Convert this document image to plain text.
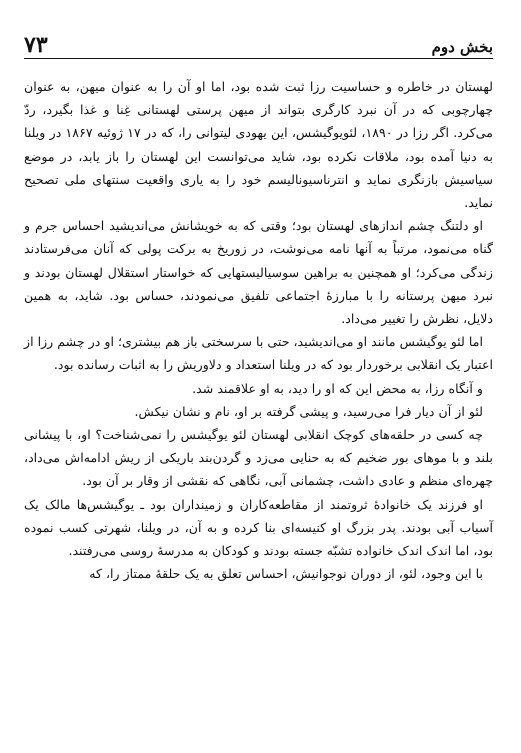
بخش دوم
۷۳

لهستان در خاطره و حساسیت رزا ثبت شده بود، اما او آن را به عنوان میهن، به عنوان چهارچوبی که در آن نبرد کارگری بتواند از میهن پرستی لهستانی غِنا و غذا بگیرد، ردّ می‌کرد. اگر رزا در ۱۸۹۰، لئویوگیشس، این یهودی لیتوانی را، که در ۱۷ ژوئیه ۱۸۶۷ در ویلنا به دنیا آمده بود، ملاقات نکرده بود، شاید می‌توانست این لهستان را باز یابد، در موضع سیاسیش بازنگری نماید و انترناسیونالیسم خود را به یاری واقعیت سنتهای ملی تصحیح نماید.

او دلتنگ چشم اندازهای لهستان بود؛ وقتی که به خویشانش می‌اندیشید احساس جرم و گناه می‌نمود، مرتباً به آنها نامه می‌نوشت، در زوریخ به برکت پولی که آنان می‌فرستادند زندگی می‌کرد؛ او همچنین به براهین سوسیالیستهایی که خواستار استقلال لهستان بودند و نبرد میهن پرستانه را با مبارزهٔ اجتماعی تلفیق می‌نمودند، حساس بود. شاید، به همین دلایل، نظرش را تغییر می‌داد.

اما لئو یوگیشس مانند او می‌اندیشید، حتی با سرسختی باز هم بیشتری؛ او در چشم رزا از اعتبار یک انقلابی برخوردار بود که در ویلنا استعداد و دلاوریش را به اثبات رسانده بود.

و آنگاه رزا، به محض این که او را دید، به او علاقمند شد.

لئو از آن دیار فرا می‌رسید، و پیشی گرفته بر او، نام و نشان نیکش.

چه کسی در حلقه‌های کوچک انقلابی لهستان لئو یوگیشس را نمی‌شناخت؟ او، با پیشانی بلند و با موهای بور ضخیم که به حنایی می‌زد و گردن‌بند باریکی از ریش ادامه‌اش می‌داد، چهره‌ای منظم و عادی داشت، چشمانی آبی، نگاهی که نقشی از وقار بر آن بود.

او فرزند یک خانوادهٔ ثروتمند از مقاطعه‌کاران و زمینداران بود ـ یوگیشس‌ها مالک یک آسیاب آبی بودند. پدر بزرگ او کنیسه‌ای بنا کرده و به آن، در ویلنا، شهرتی کسب نموده بود، اما اندک اندک خانواده تشبّه جسته بودند و کودکان به مدرسهٔ روسی می‌رفتند.

با این وجود، لئو، از دوران نوجوانیش، احساس تعلق به یک حلقهٔ ممتاز را، که
